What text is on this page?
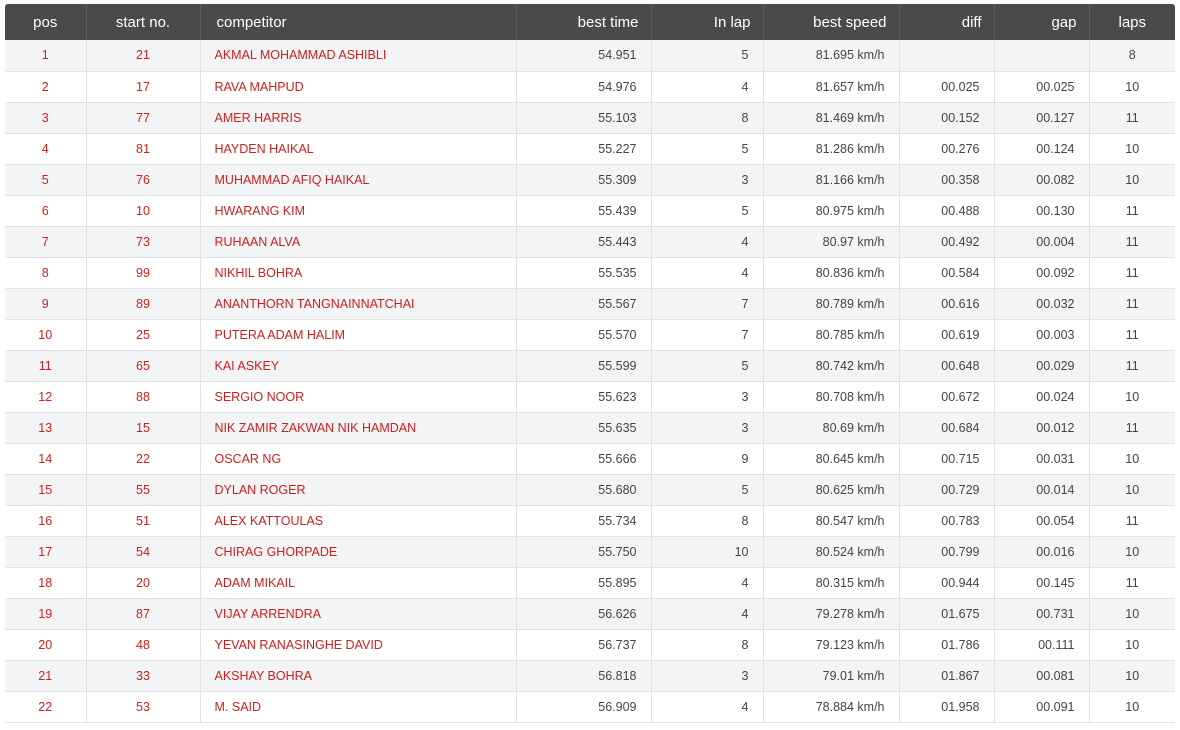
pos	start no.	competitor	best time	In lap	best speed	diff	gap	laps
1	21	AKMAL MOHAMMAD ASHIBLI	54.951	5	81.695 km/h			8
2	17	RAVA MAHPUD	54.976	4	81.657 km/h	00.025	00.025	10
3	77	AMER HARRIS	55.103	8	81.469 km/h	00.152	00.127	11
4	81	HAYDEN HAIKAL	55.227	5	81.286 km/h	00.276	00.124	10
5	76	MUHAMMAD AFIQ HAIKAL	55.309	3	81.166 km/h	00.358	00.082	10
6	10	HWARANG KIM	55.439	5	80.975 km/h	00.488	00.130	11
7	73	RUHAAN ALVA	55.443	4	80.97 km/h	00.492	00.004	11
8	99	NIKHIL BOHRA	55.535	4	80.836 km/h	00.584	00.092	11
9	89	ANANTHORN TANGNAINNATCHAI	55.567	7	80.789 km/h	00.616	00.032	11
10	25	PUTERA ADAM HALIM	55.570	7	80.785 km/h	00.619	00.003	11
11	65	KAI ASKEY	55.599	5	80.742 km/h	00.648	00.029	11
12	88	SERGIO NOOR	55.623	3	80.708 km/h	00.672	00.024	10
13	15	NIK ZAMIR ZAKWAN NIK HAMDAN	55.635	3	80.69 km/h	00.684	00.012	11
14	22	OSCAR NG	55.666	9	80.645 km/h	00.715	00.031	10
15	55	DYLAN ROGER	55.680	5	80.625 km/h	00.729	00.014	10
16	51	ALEX KATTOULAS	55.734	8	80.547 km/h	00.783	00.054	11
17	54	CHIRAG GHORPADE	55.750	10	80.524 km/h	00.799	00.016	10
18	20	ADAM MIKAIL	55.895	4	80.315 km/h	00.944	00.145	11
19	87	VIJAY ARRENDRA	56.626	4	79.278 km/h	01.675	00.731	10
20	48	YEVAN RANASINGHE DAVID	56.737	8	79.123 km/h	01.786	00.111	10
21	33	AKSHAY BOHRA	56.818	3	79.01 km/h	01.867	00.081	10
22	53	M. SAID	56.909	4	78.884 km/h	01.958	00.091	10
